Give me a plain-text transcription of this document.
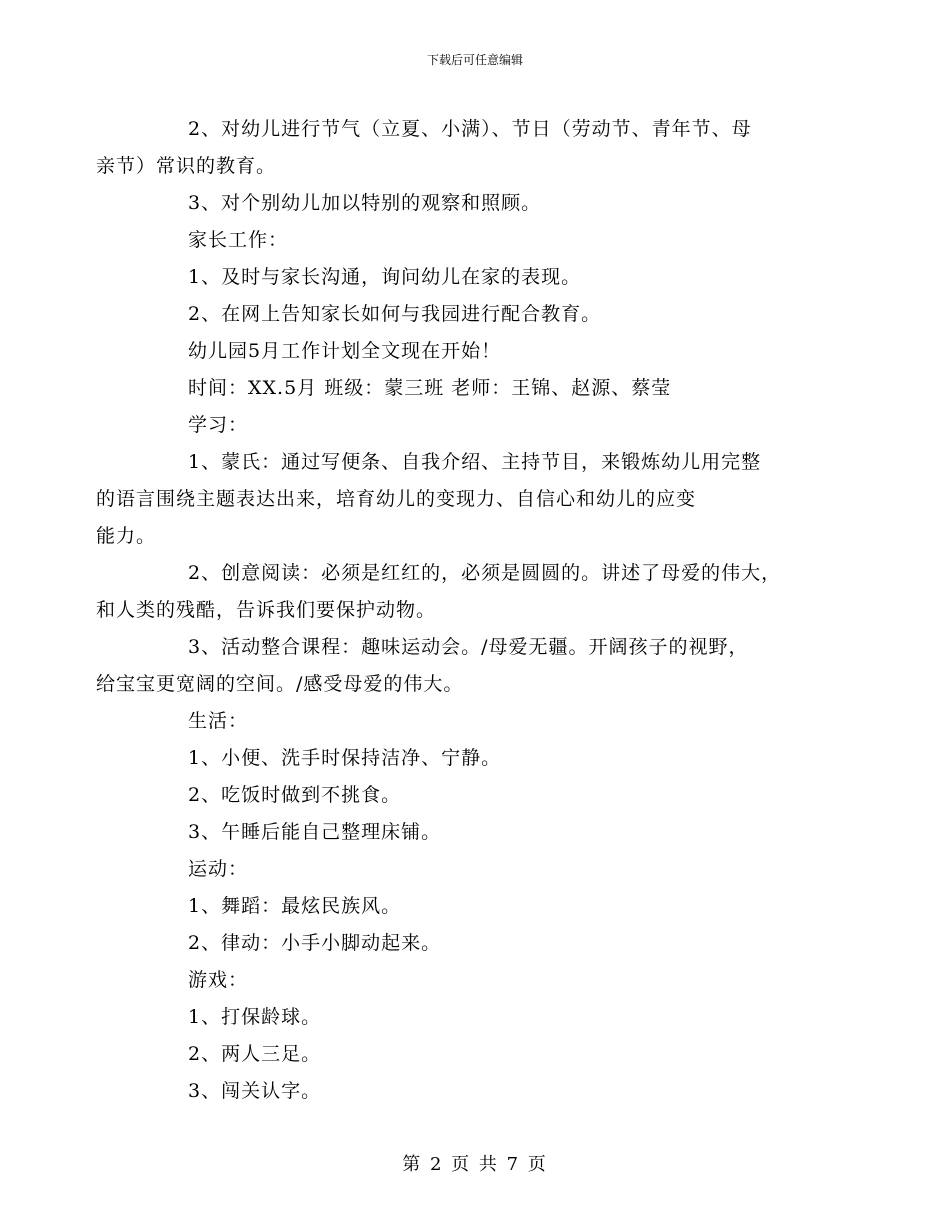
下载后可任意编辑

2、对幼儿进行节气（立夏、小满）、节日（劳动节、青年节、母
亲节）常识的教育。

3、对个别幼儿加以特别的观察和照顾。

家长工作：

1、及时与家长沟通，询问幼儿在家的表现。

2、在网上告知家长如何与我园进行配合教育。

幼儿园5月工作计划全文现在开始！

时间：XX.5月 班级：蒙三班 老师：王锦、赵源、蔡莹

学习：

1、蒙氏：通过写便条、自我介绍、主持节目，来锻炼幼儿用完整
的语言围绕主题表达出来，培育幼儿的变现力、自信心和幼儿的应变
能力。

2、创意阅读：必须是红红的，必须是圆圆的。讲述了母爱的伟大，
和人类的残酷，告诉我们要保护动物。

3、活动整合课程：趣味运动会。/母爱无疆。开阔孩子的视野，
给宝宝更宽阔的空间。/感受母爱的伟大。

生活：

1、小便、洗手时保持洁净、宁静。

2、吃饭时做到不挑食。

3、午睡后能自己整理床铺。

运动：

1、舞蹈：最炫民族风。

2、律动：小手小脚动起来。

游戏：

1、打保龄球。

2、两人三足。

3、闯关认字。

第 2 页 共 7 页
